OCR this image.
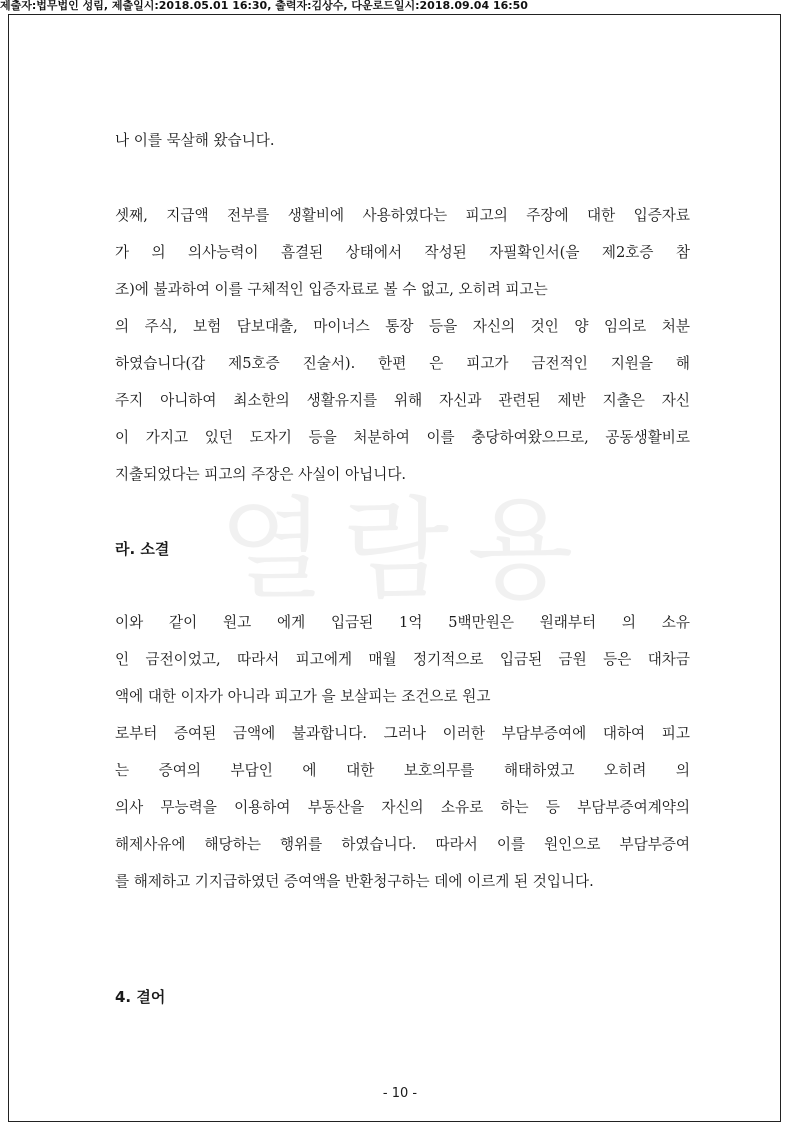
제출자:법무법인 성림, 제출일시:2018.05.01 16:30, 출력자:김상수, 다운로드일시:2018.09.04 16:50
열람용
나 이를 묵살해 왔습니다.
셋째, 지급액 전부를 생활비에 사용하였다는 피고의 주장에 대한 입증자료
가 의 의사능력이 흠결된 상태에서 작성된 자필확인서(을 제2호증 참
조)에 불과하여 이를 구체적인 입증자료로 볼 수 없고, 오히려 피고는
의 주식, 보험 담보대출, 마이너스 통장 등을 자신의 것인 양 임의로 처분
하였습니다(갑 제5호증 진술서). 한편 은 피고가 금전적인 지원을 해
주지 아니하여 최소한의 생활유지를 위해 자신과 관련된 제반 지출은 자신
이 가지고 있던 도자기 등을 처분하여 이를 충당하여왔으므로, 공동생활비로
지출되었다는 피고의 주장은 사실이 아닙니다.
라. 소결
이와 같이 원고 에게 입금된 1억 5백만원은 원래부터 의 소유
인 금전이었고, 따라서 피고에게 매월 정기적으로 입금된 금원 등은 대차금
액에 대한 이자가 아니라 피고가 을 보살피는 조건으로 원고
로부터 증여된 금액에 불과합니다. 그러나 이러한 부담부증여에 대하여 피고
는 증여의 부담인 에 대한 보호의무를 해태하였고 오히려 의
의사 무능력을 이용하여 부동산을 자신의 소유로 하는 등 부담부증여계약의
해제사유에 해당하는 행위를 하였습니다. 따라서 이를 원인으로 부담부증여
를 해제하고 기지급하였던 증여액을 반환청구하는 데에 이르게 된 것입니다.
4. 결어
- 10 -
